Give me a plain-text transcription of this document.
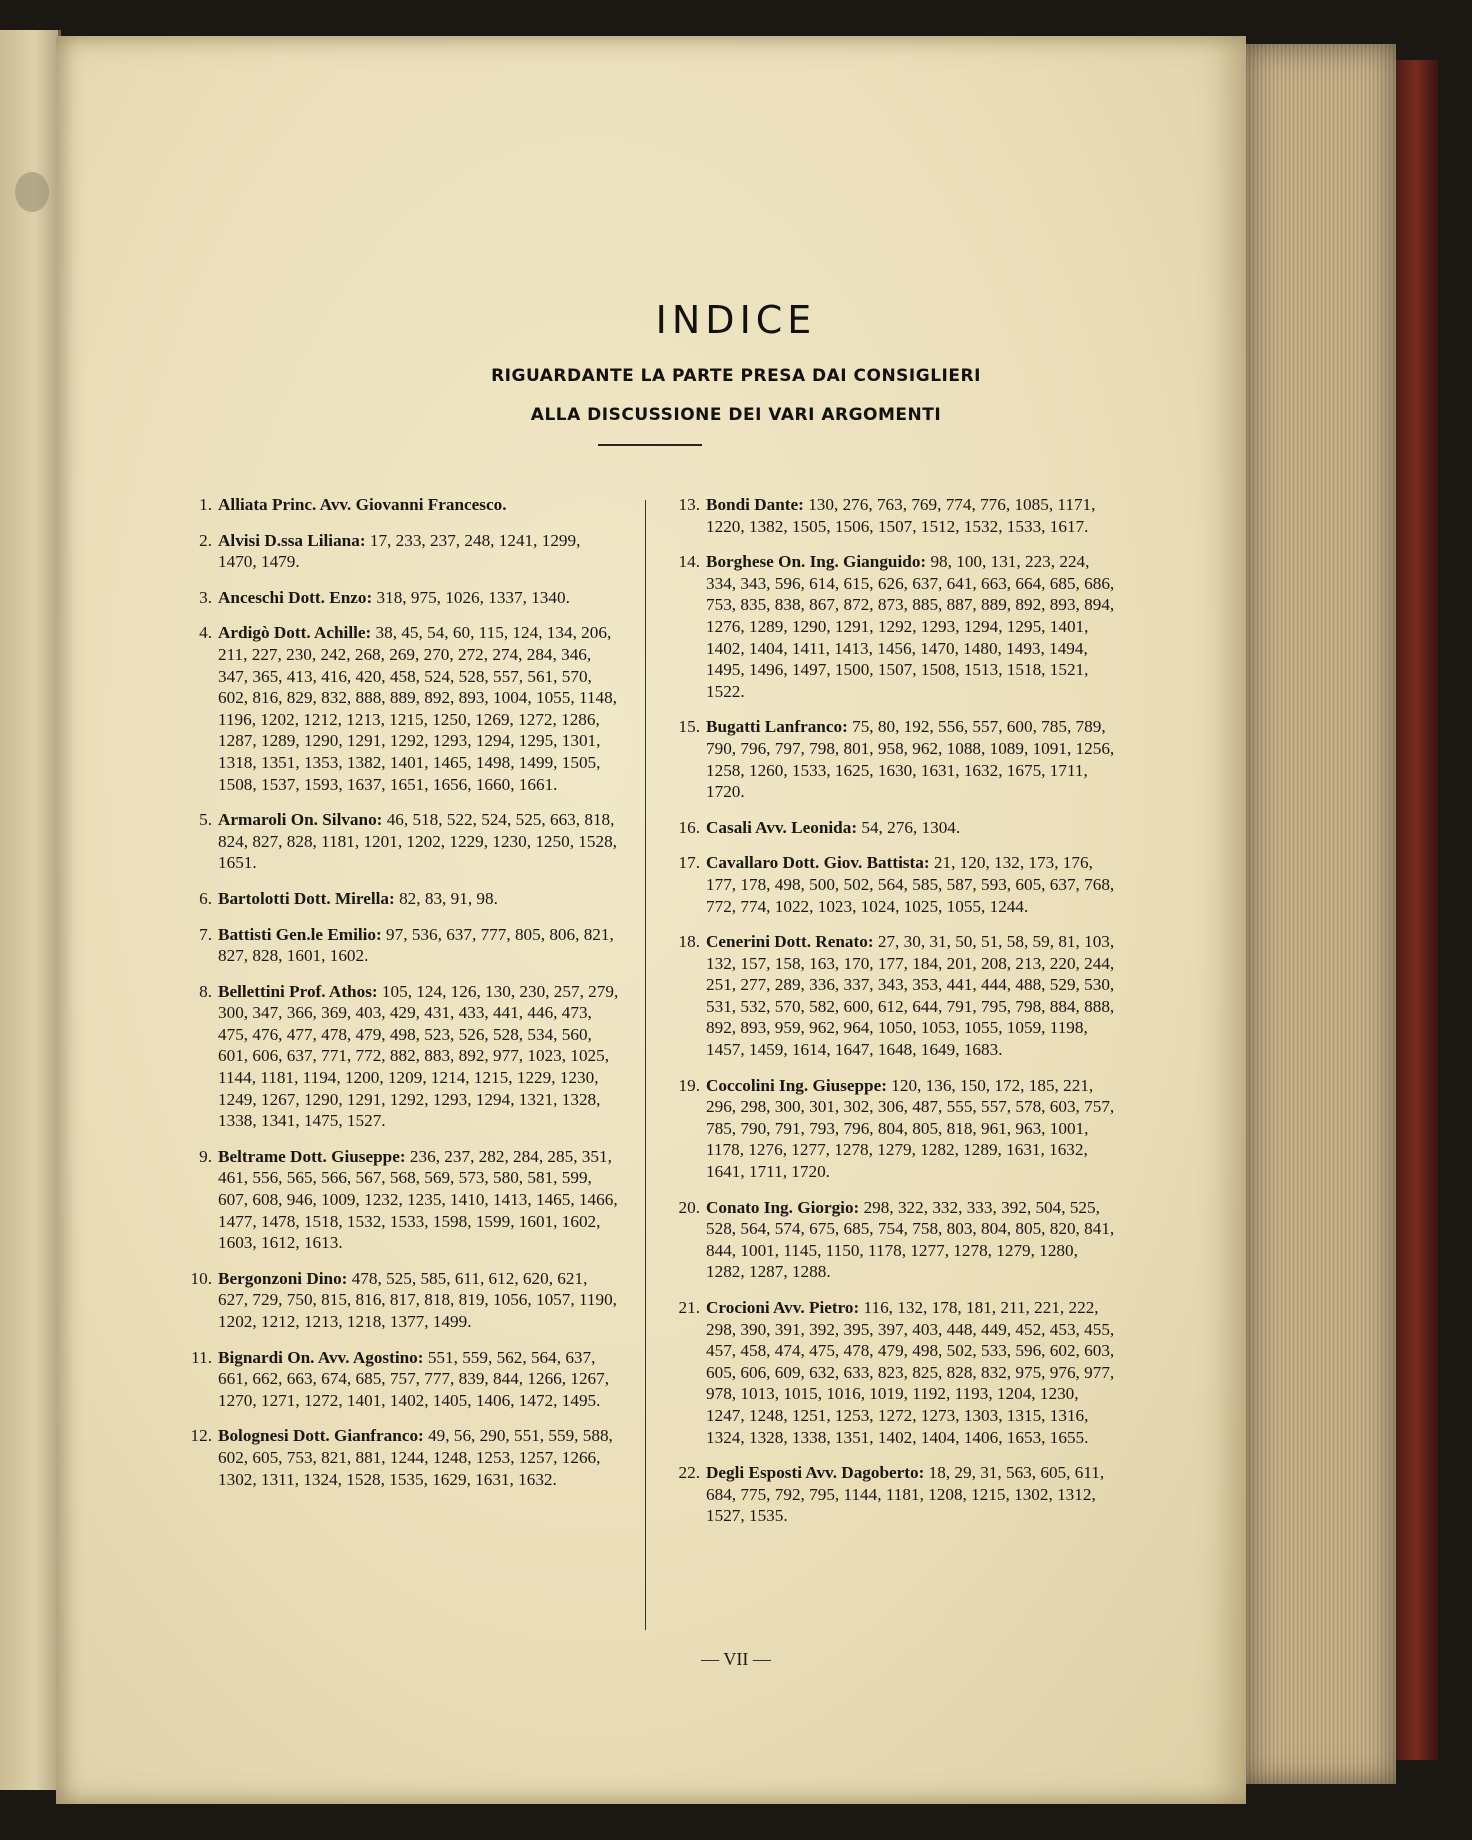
INDICE
RIGUARDANTE LA PARTE PRESA DAI CONSIGLIERI
ALLA DISCUSSIONE DEI VARI ARGOMENTI
1. Alliata Princ. Avv. Giovanni Francesco.
2. Alvisi D.ssa Liliana: 17, 233, 237, 248, 1241, 1299, 1470, 1479.
3. Anceschi Dott. Enzo: 318, 975, 1026, 1337, 1340.
4. Ardigò Dott. Achille: 38, 45, 54, 60, 115, 124, 134, 206, 211, 227, 230, 242, 268, 269, 270, 272, 274, 284, 346, 347, 365, 413, 416, 420, 458, 524, 528, 557, 561, 570, 602, 816, 829, 832, 888, 889, 892, 893, 1004, 1055, 1148, 1196, 1202, 1212, 1213, 1215, 1250, 1269, 1272, 1286, 1287, 1289, 1290, 1291, 1292, 1293, 1294, 1295, 1301, 1318, 1351, 1353, 1382, 1401, 1465, 1498, 1499, 1505, 1508, 1537, 1593, 1637, 1651, 1656, 1660, 1661.
5. Armaroli On. Silvano: 46, 518, 522, 524, 525, 663, 818, 824, 827, 828, 1181, 1201, 1202, 1229, 1230, 1250, 1528, 1651.
6. Bartolotti Dott. Mirella: 82, 83, 91, 98.
7. Battisti Gen.le Emilio: 97, 536, 637, 777, 805, 806, 821, 827, 828, 1601, 1602.
8. Bellettini Prof. Athos: 105, 124, 126, 130, 230, 257, 279, 300, 347, 366, 369, 403, 429, 431, 433, 441, 446, 473, 475, 476, 477, 478, 479, 498, 523, 526, 528, 534, 560, 601, 606, 637, 771, 772, 882, 883, 892, 977, 1023, 1025, 1144, 1181, 1194, 1200, 1209, 1214, 1215, 1229, 1230, 1249, 1267, 1290, 1291, 1292, 1293, 1294, 1321, 1328, 1338, 1341, 1475, 1527.
9. Beltrame Dott. Giuseppe: 236, 237, 282, 284, 285, 351, 461, 556, 565, 566, 567, 568, 569, 573, 580, 581, 599, 607, 608, 946, 1009, 1232, 1235, 1410, 1413, 1465, 1466, 1477, 1478, 1518, 1532, 1533, 1598, 1599, 1601, 1602, 1603, 1612, 1613.
10. Bergonzoni Dino: 478, 525, 585, 611, 612, 620, 621, 627, 729, 750, 815, 816, 817, 818, 819, 1056, 1057, 1190, 1202, 1212, 1213, 1218, 1377, 1499.
11. Bignardi On. Avv. Agostino: 551, 559, 562, 564, 637, 661, 662, 663, 674, 685, 757, 777, 839, 844, 1266, 1267, 1270, 1271, 1272, 1401, 1402, 1405, 1406, 1472, 1495.
12. Bolognesi Dott. Gianfranco: 49, 56, 290, 551, 559, 588, 602, 605, 753, 821, 881, 1244, 1248, 1253, 1257, 1266, 1302, 1311, 1324, 1528, 1535, 1629, 1631, 1632.
13. Bondi Dante: 130, 276, 763, 769, 774, 776, 1085, 1171, 1220, 1382, 1505, 1506, 1507, 1512, 1532, 1533, 1617.
14. Borghese On. Ing. Gianguido: 98, 100, 131, 223, 224, 334, 343, 596, 614, 615, 626, 637, 641, 663, 664, 685, 686, 753, 835, 838, 867, 872, 873, 885, 887, 889, 892, 893, 894, 1276, 1289, 1290, 1291, 1292, 1293, 1294, 1295, 1401, 1402, 1404, 1411, 1413, 1456, 1470, 1480, 1493, 1494, 1495, 1496, 1497, 1500, 1507, 1508, 1513, 1518, 1521, 1522.
15. Bugatti Lanfranco: 75, 80, 192, 556, 557, 600, 785, 789, 790, 796, 797, 798, 801, 958, 962, 1088, 1089, 1091, 1256, 1258, 1260, 1533, 1625, 1630, 1631, 1632, 1675, 1711, 1720.
16. Casali Avv. Leonida: 54, 276, 1304.
17. Cavallaro Dott. Giov. Battista: 21, 120, 132, 173, 176, 177, 178, 498, 500, 502, 564, 585, 587, 593, 605, 637, 768, 772, 774, 1022, 1023, 1024, 1025, 1055, 1244.
18. Cenerini Dott. Renato: 27, 30, 31, 50, 51, 58, 59, 81, 103, 132, 157, 158, 163, 170, 177, 184, 201, 208, 213, 220, 244, 251, 277, 289, 336, 337, 343, 353, 441, 444, 488, 529, 530, 531, 532, 570, 582, 600, 612, 644, 791, 795, 798, 884, 888, 892, 893, 959, 962, 964, 1050, 1053, 1055, 1059, 1198, 1457, 1459, 1614, 1647, 1648, 1649, 1683.
19. Coccolini Ing. Giuseppe: 120, 136, 150, 172, 185, 221, 296, 298, 300, 301, 302, 306, 487, 555, 557, 578, 603, 757, 785, 790, 791, 793, 796, 804, 805, 818, 961, 963, 1001, 1178, 1276, 1277, 1278, 1279, 1282, 1289, 1631, 1632, 1641, 1711, 1720.
20. Conato Ing. Giorgio: 298, 322, 332, 333, 392, 504, 525, 528, 564, 574, 675, 685, 754, 758, 803, 804, 805, 820, 841, 844, 1001, 1145, 1150, 1178, 1277, 1278, 1279, 1280, 1282, 1287, 1288.
21. Crocioni Avv. Pietro: 116, 132, 178, 181, 211, 221, 222, 298, 390, 391, 392, 395, 397, 403, 448, 449, 452, 453, 455, 457, 458, 474, 475, 478, 479, 498, 502, 533, 596, 602, 603, 605, 606, 609, 632, 633, 823, 825, 828, 832, 975, 976, 977, 978, 1013, 1015, 1016, 1019, 1192, 1193, 1204, 1230, 1247, 1248, 1251, 1253, 1272, 1273, 1303, 1315, 1316, 1324, 1328, 1338, 1351, 1402, 1404, 1406, 1653, 1655.
22. Degli Esposti Avv. Dagoberto: 18, 29, 31, 563, 605, 611, 684, 775, 792, 795, 1144, 1181, 1208, 1215, 1302, 1312, 1527, 1535.
— VII —
